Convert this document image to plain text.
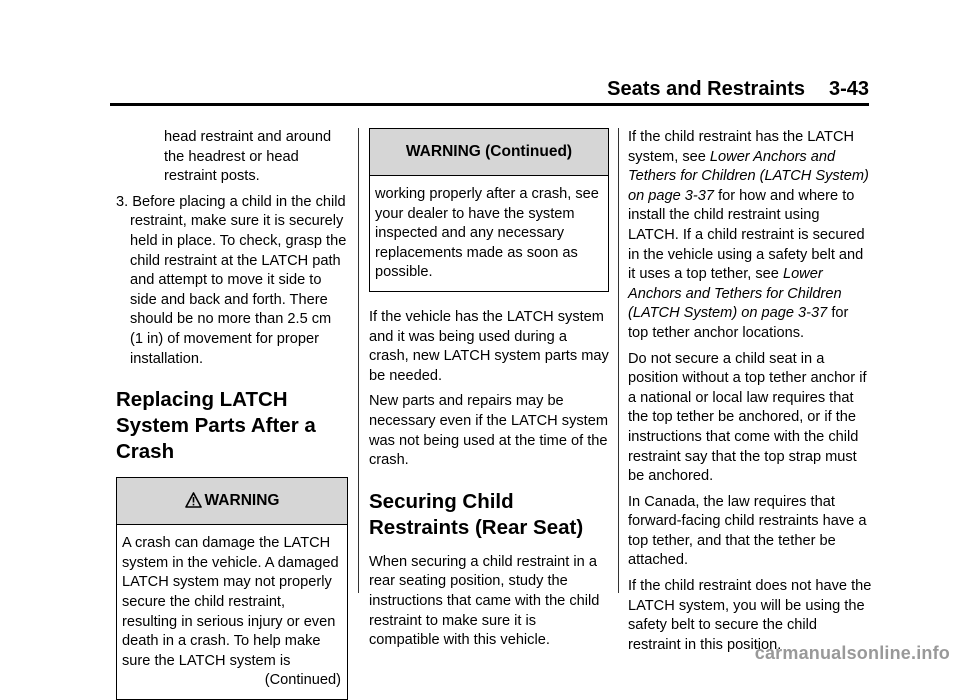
Seats and Restraints 3-43

head restraint and around the headrest or head restraint posts.

3. Before placing a child in the child restraint, make sure it is securely held in place. To check, grasp the child restraint at the LATCH path and attempt to move it side to side and back and forth. There should be no more than 2.5 cm (1 in) of movement for proper installation.

Replacing LATCH System Parts After a Crash
WARNING

A crash can damage the LATCH system in the vehicle. A damaged LATCH system may not properly secure the child restraint, resulting in serious injury or even death in a crash. To help make sure the LATCH system is

(Continued)

WARNING (Continued)

working properly after a crash, see your dealer to have the system inspected and any necessary replacements made as soon as possible.

If the vehicle has the LATCH system and it was being used during a crash, new LATCH system parts may be needed.

New parts and repairs may be necessary even if the LATCH system was not being used at the time of the crash.

Securing Child Restraints (Rear Seat)

When securing a child restraint in a rear seating position, study the instructions that came with the child restraint to make sure it is compatible with this vehicle.

If the child restraint has the LATCH system, see Lower Anchors and Tethers for Children (LATCH System) on page 3-37 for how and where to install the child restraint using LATCH. If a child restraint is secured in the vehicle using a safety belt and it uses a top tether, see Lower Anchors and Tethers for Children (LATCH System) on page 3-37 for top tether anchor locations.

Do not secure a child seat in a position without a top tether anchor if a national or local law requires that the top tether be anchored, or if the instructions that come with the child restraint say that the top strap must be anchored.

In Canada, the law requires that forward-facing child restraints have a top tether, and that the tether be attached.

If the child restraint does not have the LATCH system, you will be using the safety belt to secure the child restraint in this position.

carmanualsonline.info
